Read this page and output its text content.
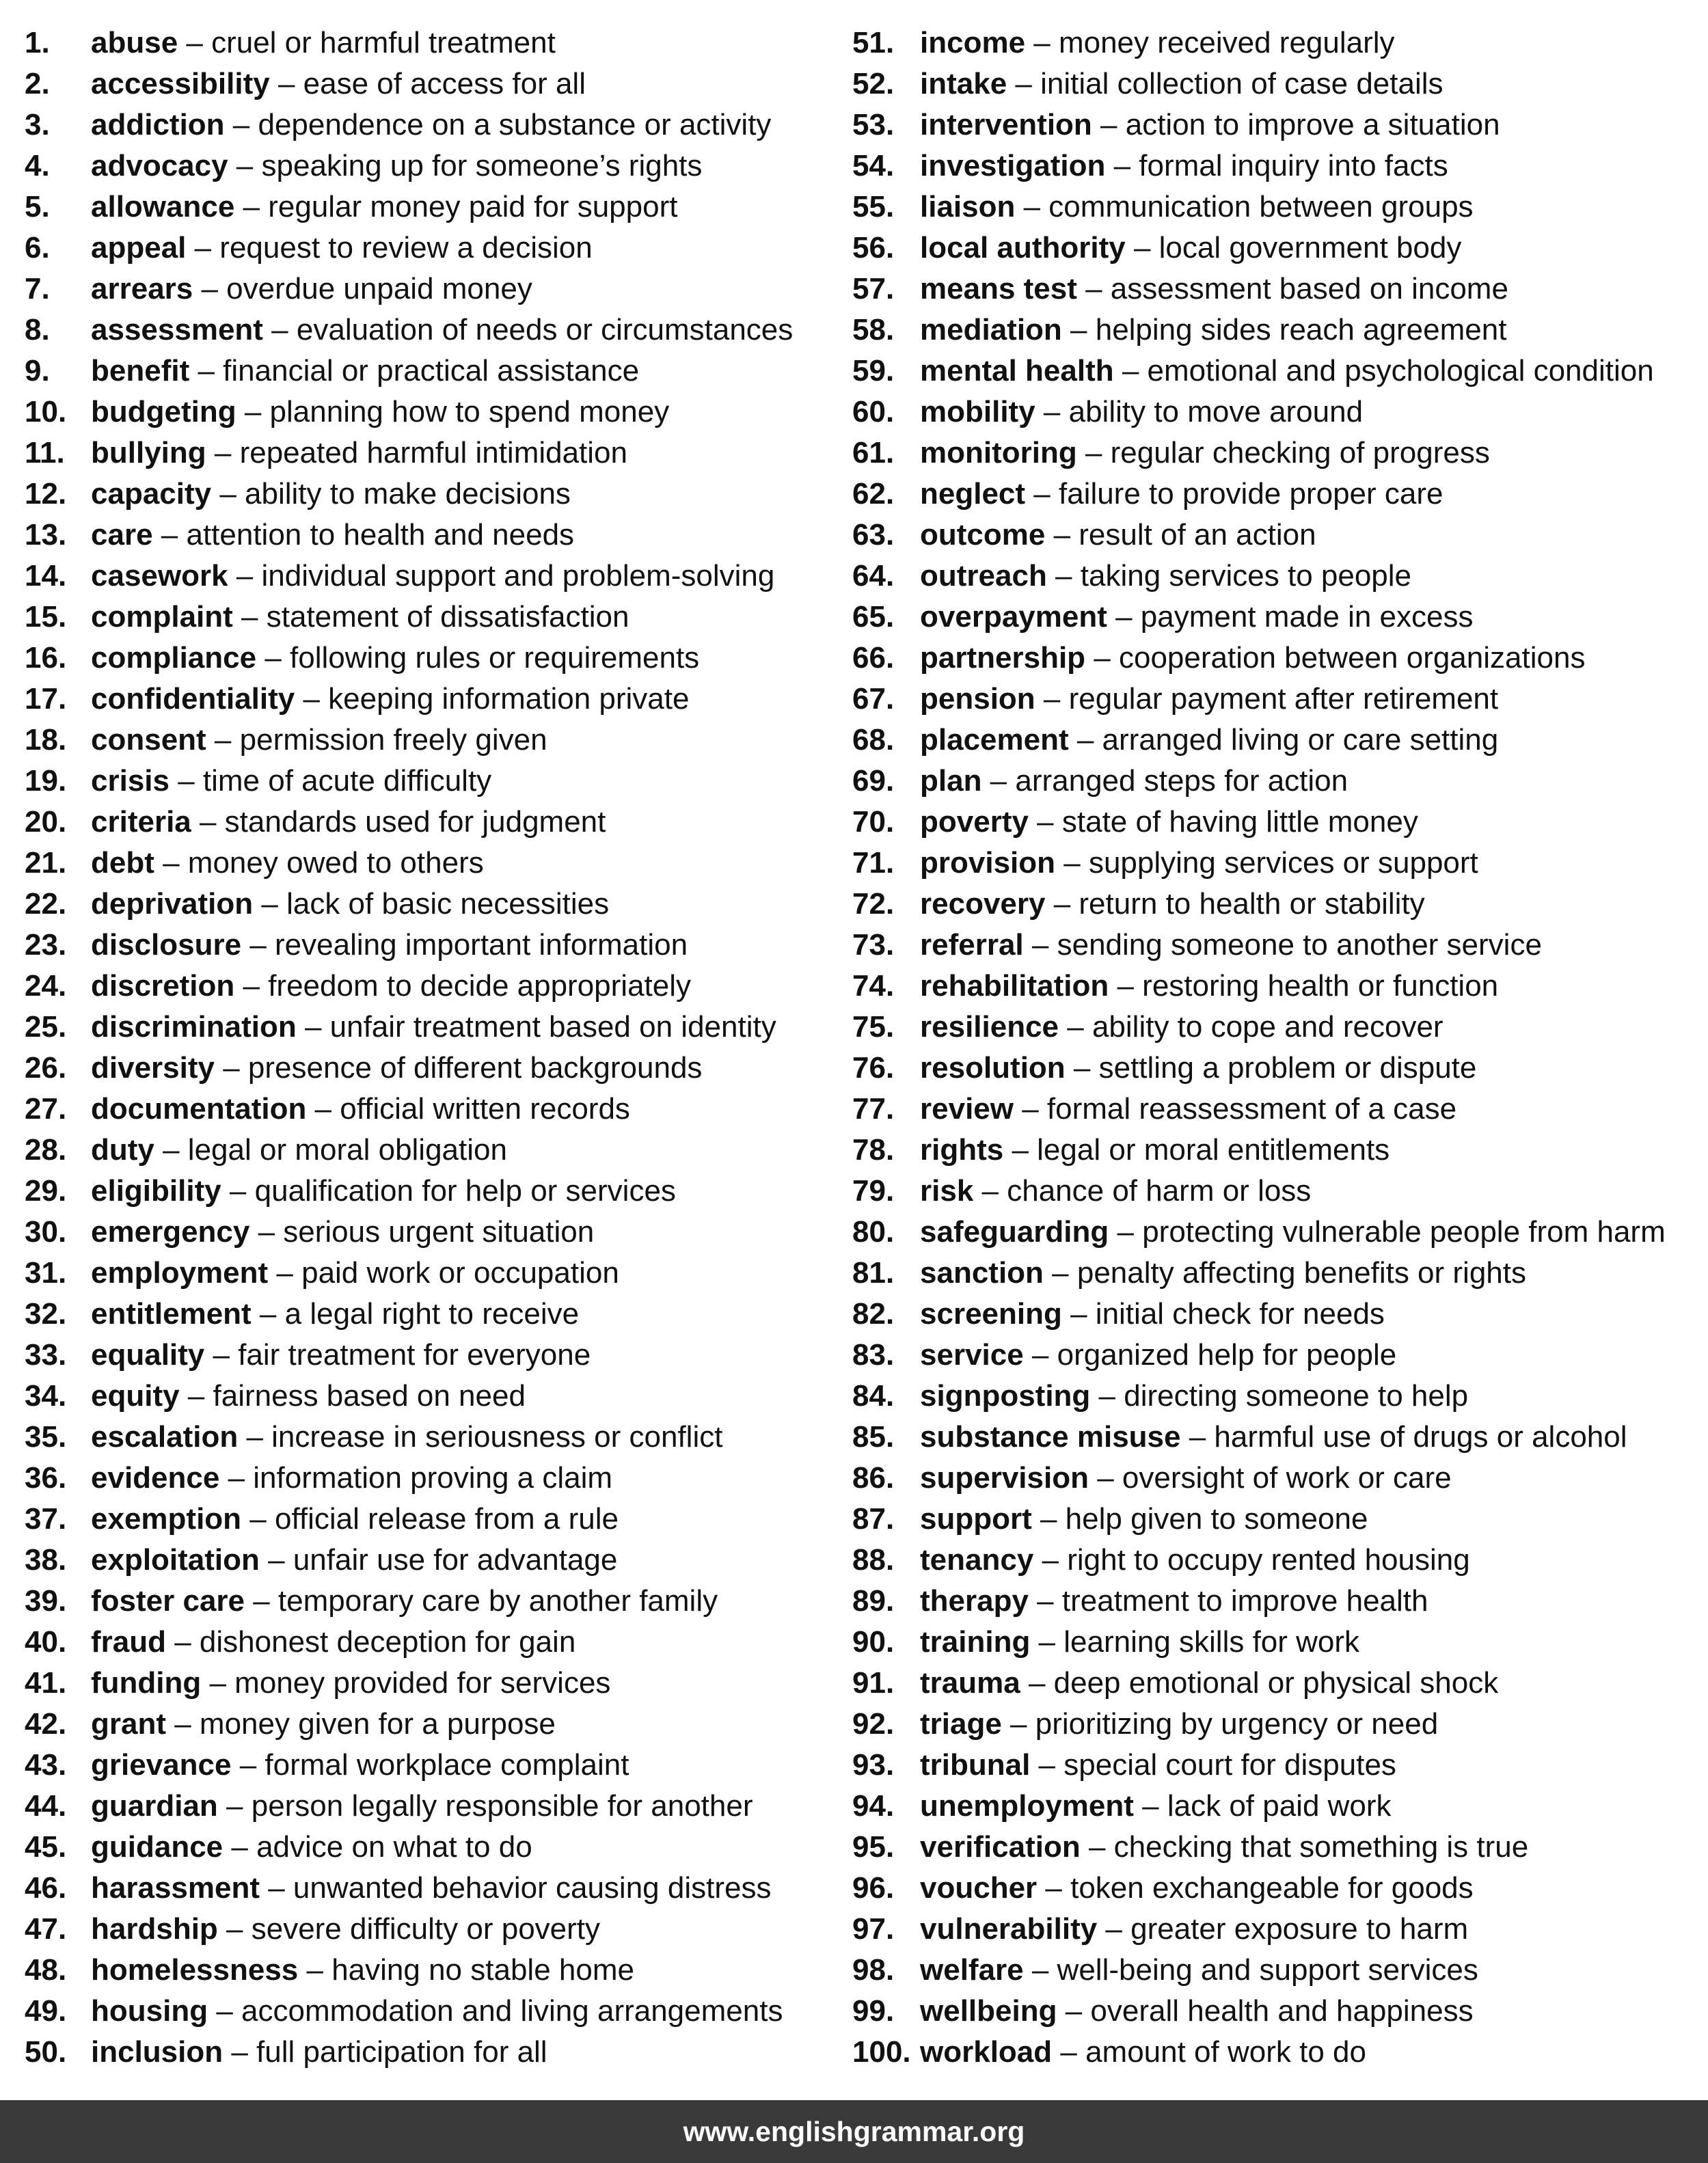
1. abuse – cruel or harmful treatment
2. accessibility – ease of access for all
3. addiction – dependence on a substance or activity
4. advocacy – speaking up for someone’s rights
5. allowance – regular money paid for support
6. appeal – request to review a decision
7. arrears – overdue unpaid money
8. assessment – evaluation of needs or circumstances
9. benefit – financial or practical assistance
10. budgeting – planning how to spend money
11. bullying – repeated harmful intimidation
12. capacity – ability to make decisions
13. care – attention to health and needs
14. casework – individual support and problem-solving
15. complaint – statement of dissatisfaction
16. compliance – following rules or requirements
17. confidentiality – keeping information private
18. consent – permission freely given
19. crisis – time of acute difficulty
20. criteria – standards used for judgment
21. debt – money owed to others
22. deprivation – lack of basic necessities
23. disclosure – revealing important information
24. discretion – freedom to decide appropriately
25. discrimination – unfair treatment based on identity
26. diversity – presence of different backgrounds
27. documentation – official written records
28. duty – legal or moral obligation
29. eligibility – qualification for help or services
30. emergency – serious urgent situation
31. employment – paid work or occupation
32. entitlement – a legal right to receive
33. equality – fair treatment for everyone
34. equity – fairness based on need
35. escalation – increase in seriousness or conflict
36. evidence – information proving a claim
37. exemption – official release from a rule
38. exploitation – unfair use for advantage
39. foster care – temporary care by another family
40. fraud – dishonest deception for gain
41. funding – money provided for services
42. grant – money given for a purpose
43. grievance – formal workplace complaint
44. guardian – person legally responsible for another
45. guidance – advice on what to do
46. harassment – unwanted behavior causing distress
47. hardship – severe difficulty or poverty
48. homelessness – having no stable home
49. housing – accommodation and living arrangements
50. inclusion – full participation for all
51. income – money received regularly
52. intake – initial collection of case details
53. intervention – action to improve a situation
54. investigation – formal inquiry into facts
55. liaison – communication between groups
56. local authority – local government body
57. means test – assessment based on income
58. mediation – helping sides reach agreement
59. mental health – emotional and psychological condition
60. mobility – ability to move around
61. monitoring – regular checking of progress
62. neglect – failure to provide proper care
63. outcome – result of an action
64. outreach – taking services to people
65. overpayment – payment made in excess
66. partnership – cooperation between organizations
67. pension – regular payment after retirement
68. placement – arranged living or care setting
69. plan – arranged steps for action
70. poverty – state of having little money
71. provision – supplying services or support
72. recovery – return to health or stability
73. referral – sending someone to another service
74. rehabilitation – restoring health or function
75. resilience – ability to cope and recover
76. resolution – settling a problem or dispute
77. review – formal reassessment of a case
78. rights – legal or moral entitlements
79. risk – chance of harm or loss
80. safeguarding – protecting vulnerable people from harm
81. sanction – penalty affecting benefits or rights
82. screening – initial check for needs
83. service – organized help for people
84. signposting – directing someone to help
85. substance misuse – harmful use of drugs or alcohol
86. supervision – oversight of work or care
87. support – help given to someone
88. tenancy – right to occupy rented housing
89. therapy – treatment to improve health
90. training – learning skills for work
91. trauma – deep emotional or physical shock
92. triage – prioritizing by urgency or need
93. tribunal – special court for disputes
94. unemployment – lack of paid work
95. verification – checking that something is true
96. voucher – token exchangeable for goods
97. vulnerability – greater exposure to harm
98. welfare – well-being and support services
99. wellbeing – overall health and happiness
100. workload – amount of work to do
www.englishgrammar.org
